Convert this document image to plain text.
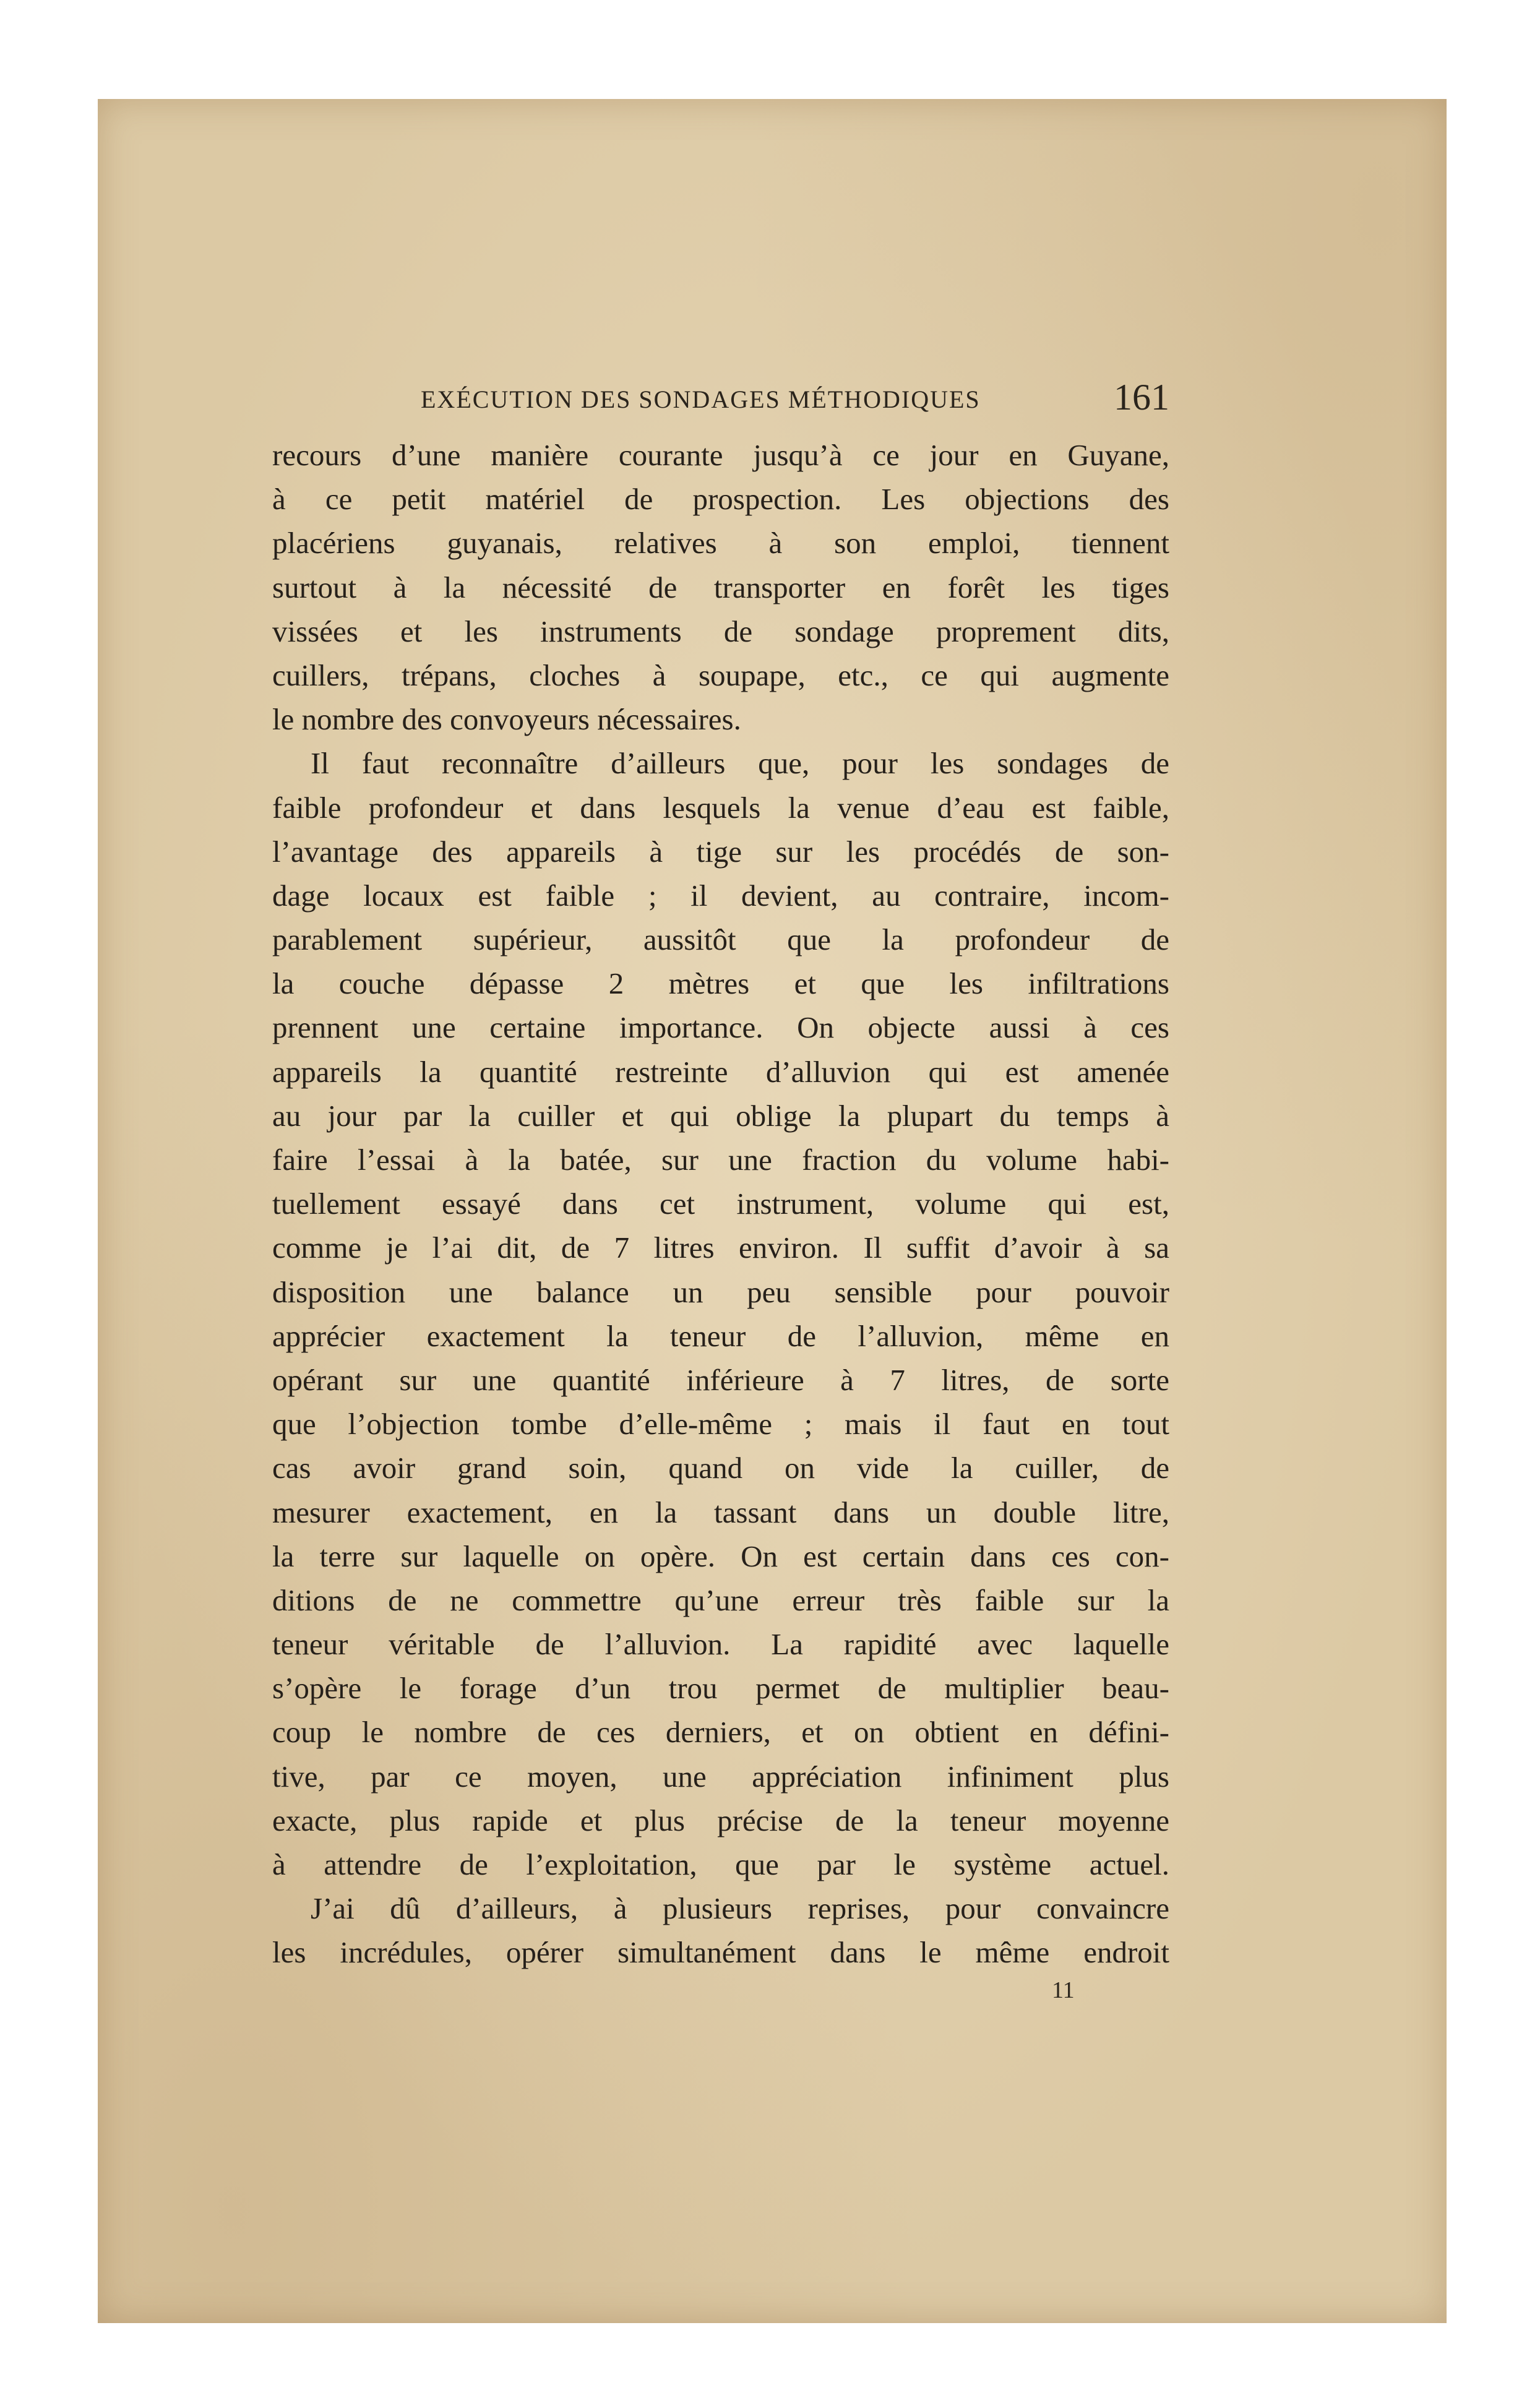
EXÉCUTION DES SONDAGES MÉTHODIQUES	161
recours d’une manière courante jusqu’à ce jour en Guyane,
à ce petit matériel de prospection. Les objections des
placériens guyanais, relatives à son emploi, tiennent
surtout à la nécessité de transporter en forêt les tiges
vissées et les instruments de sondage proprement dits,
cuillers, trépans, cloches à soupape, etc., ce qui augmente
le nombre des convoyeurs nécessaires.
Il faut reconnaître d’ailleurs que, pour les sondages de
faible profondeur et dans lesquels la venue d’eau est faible,
l’avantage des appareils à tige sur les procédés de son-
dage locaux est faible ; il devient, au contraire, incom-
parablement supérieur, aussitôt que la profondeur de
la couche dépasse 2 mètres et que les infiltrations
prennent une certaine importance. On objecte aussi à ces
appareils la quantité restreinte d’alluvion qui est amenée
au jour par la cuiller et qui oblige la plupart du temps à
faire l’essai à la batée, sur une fraction du volume habi-
tuellement essayé dans cet instrument, volume qui est,
comme je l’ai dit, de 7 litres environ. Il suffit d’avoir à sa
disposition une balance un peu sensible pour pouvoir
apprécier exactement la teneur de l’alluvion, même en
opérant sur une quantité inférieure à 7 litres, de sorte
que l’objection tombe d’elle-même ; mais il faut en tout
cas avoir grand soin, quand on vide la cuiller, de
mesurer exactement, en la tassant dans un double litre,
la terre sur laquelle on opère. On est certain dans ces con-
ditions de ne commettre qu’une erreur très faible sur la
teneur véritable de l’alluvion. La rapidité avec laquelle
s’opère le forage d’un trou permet de multiplier beau-
coup le nombre de ces derniers, et on obtient en défini-
tive, par ce moyen, une appréciation infiniment plus
exacte, plus rapide et plus précise de la teneur moyenne
à attendre de l’exploitation, que par le système actuel.
J’ai dû d’ailleurs, à plusieurs reprises, pour convaincre
les incrédules, opérer simultanément dans le même endroit
11
